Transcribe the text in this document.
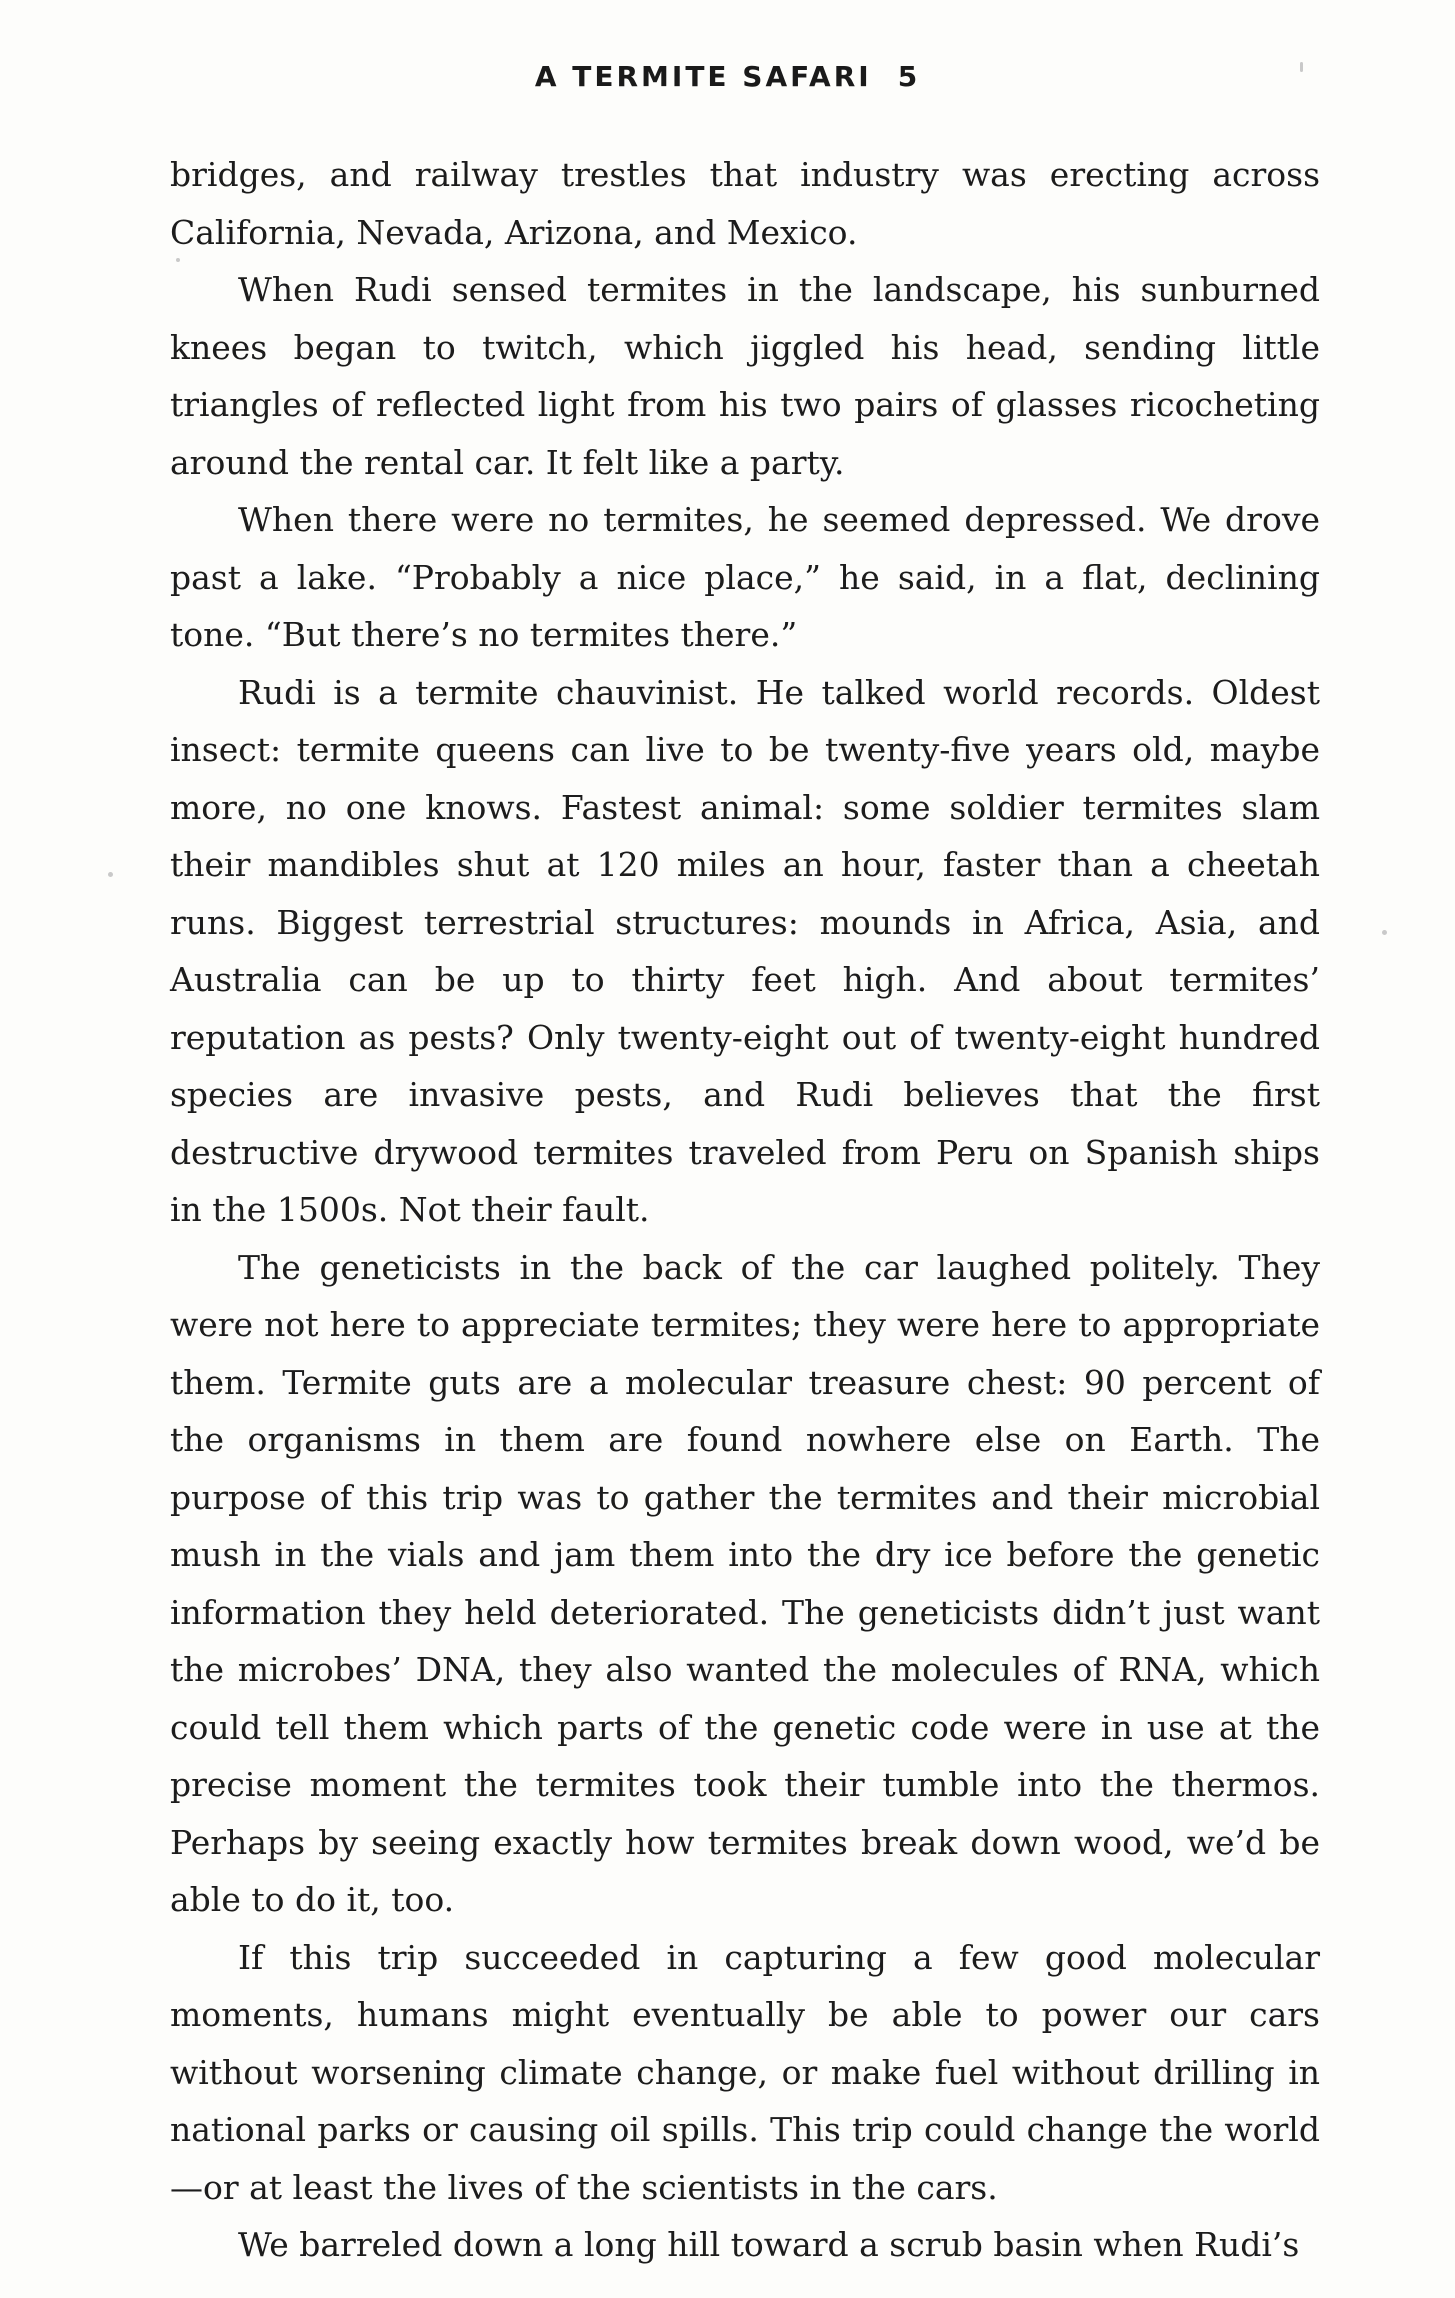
A TERMITE SAFARI 5

bridges, and railway trestles that industry was erecting across California, Nevada, Arizona, and Mexico.

When Rudi sensed termites in the landscape, his sunburned knees began to twitch, which jiggled his head, sending little triangles of reflected light from his two pairs of glasses ricocheting around the rental car. It felt like a party.

When there were no termites, he seemed depressed. We drove past a lake. “Probably a nice place,” he said, in a flat, declining tone. “But there’s no termites there.”

Rudi is a termite chauvinist. He talked world records. Oldest insect: termite queens can live to be twenty-five years old, maybe more, no one knows. Fastest animal: some soldier termites slam their mandibles shut at 120 miles an hour, faster than a cheetah runs. Biggest terrestrial structures: mounds in Africa, Asia, and Australia can be up to thirty feet high. And about termites’ reputation as pests? Only twenty-eight out of twenty-eight hundred species are invasive pests, and Rudi believes that the first destructive drywood termites traveled from Peru on Spanish ships in the 1500s. Not their fault.

The geneticists in the back of the car laughed politely. They were not here to appreciate termites; they were here to appropriate them. Termite guts are a molecular treasure chest: 90 percent of the organisms in them are found nowhere else on Earth. The purpose of this trip was to gather the termites and their microbial mush in the vials and jam them into the dry ice before the genetic information they held deteriorated. The geneticists didn’t just want the microbes’ DNA, they also wanted the molecules of RNA, which could tell them which parts of the genetic code were in use at the precise moment the termites took their tumble into the thermos. Perhaps by seeing exactly how termites break down wood, we’d be able to do it, too.

If this trip succeeded in capturing a few good molecular moments, humans might eventually be able to power our cars without worsening climate change, or make fuel without drilling in national parks or causing oil spills. This trip could change the world—or at least the lives of the scientists in the cars.

We barreled down a long hill toward a scrub basin when Rudi’s
